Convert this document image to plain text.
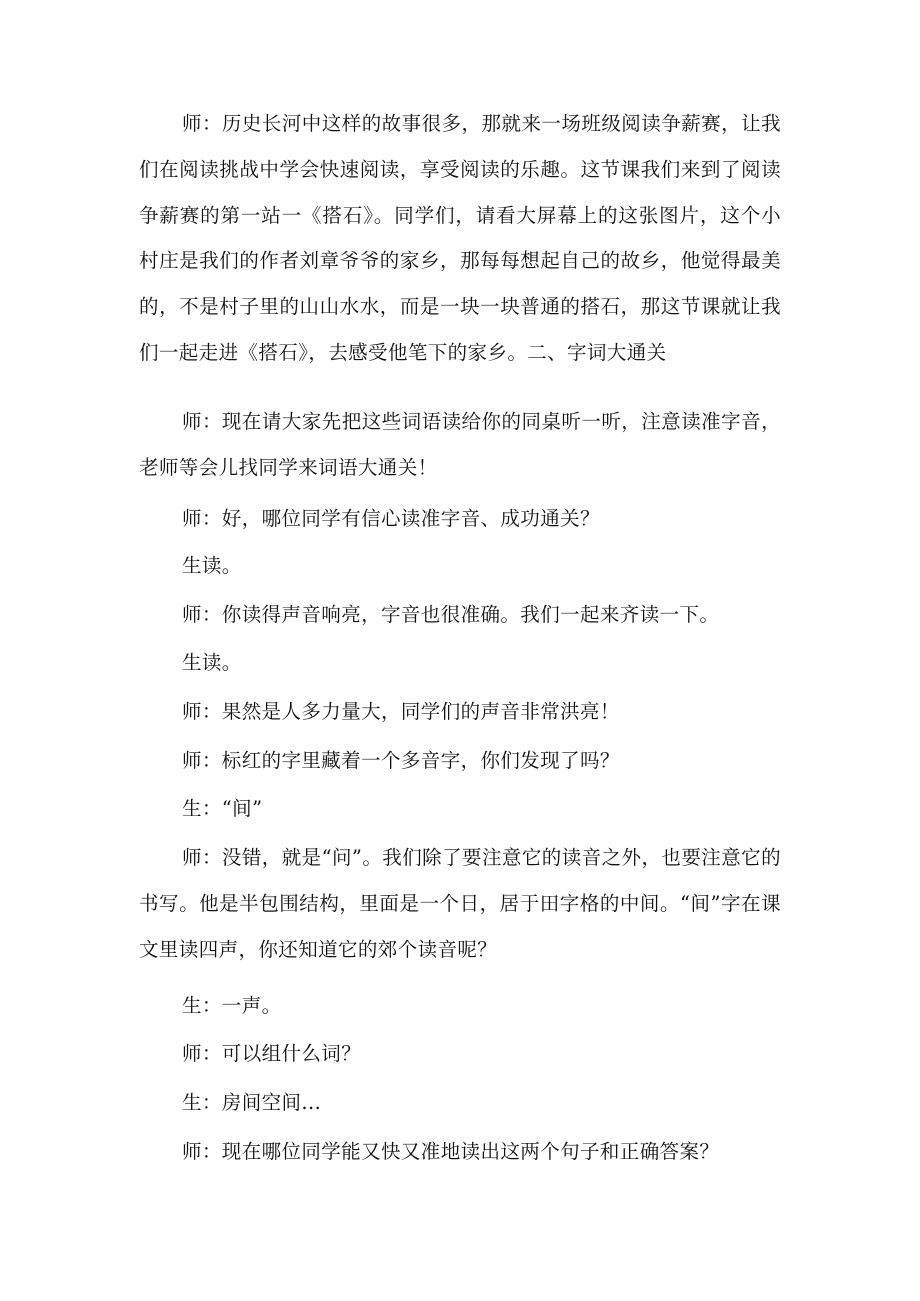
师：历史长河中这样的故事很多，那就来一场班级阅读争薪赛，让我们在阅读挑战中学会快速阅读，享受阅读的乐趣。这节课我们来到了阅读争薪赛的第一站一《搭石》。同学们，请看大屏幕上的这张图片，这个小村庄是我们的作者刘章爷爷的家乡，那每每想起自己的故乡，他觉得最美的，不是村子里的山山水水，而是一块一块普通的搭石，那这节课就让我们一起走进《搭石》，去感受他笔下的家乡。二、字词大通关

师：现在请大家先把这些词语读给你的同桌听一听，注意读准字音，老师等会儿找同学来词语大通关！

师：好，哪位同学有信心读准字音、成功通关？

生读。

师：你读得声音响亮，字音也很准确。我们一起来齐读一下。

生读。

师：果然是人多力量大，同学们的声音非常洪亮！

师：标红的字里藏着一个多音字，你们发现了吗？

生：“间”

师：没错，就是“问”。我们除了要注意它的读音之外，也要注意它的书写。他是半包围结构，里面是一个日，居于田字格的中间。“间”字在课文里读四声，你还知道它的郊个读音呢？

生：一声。

师：可以组什么词？

生：房间空间...

师：现在哪位同学能又快又准地读出这两个句子和正确答案？
